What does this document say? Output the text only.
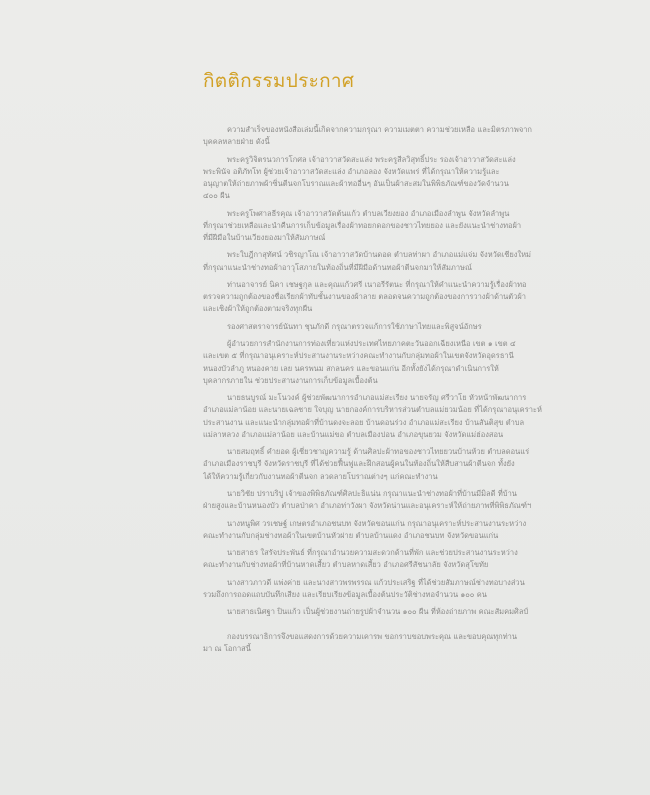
กิตติกรรมประกาศ
ความสำเร็จของหนังสือเล่มนี้เกิดจากความกรุณา ความเมตตา ความช่วยเหลือ และมิตรภาพจาก
บุคคลหลายฝ่าย ดังนี้
พระครูวิจิตรนวการโกศล เจ้าอาวาสวัดสะแล่ง พระครูสีลวิสุทธิ์ประ รองเจ้าอาวาสวัดสะแล่ง
พระพินัจ อติภัทโท ผู้ช่วยเจ้าอาวาสวัดสะแล่ง อำเภอลอง จังหวัดแพร่ ที่ได้กรุณาให้ความรู้และ
อนุญาตให้ถ่ายภาพผ้าซิ่นตีนจกโบราณและผ้าทออื่นๆ อันเป็นผ้าสะสมในพิพิธภัณฑ์ของวัดจำนวน
๔๐๐ ผืน
พระครูโพศาลธีรคุณ เจ้าอาวาสวัดต้นแก้ว ตำบลเวียงยอง อำเภอเมืองลำพูน จังหวัดลำพูน
ที่กรุณาช่วยเหลือและนำคืนการเก็บข้อมูลเรื่องผ้าทอยกดอกของชาวไทยยอง และยังแนะนำช่างทอผ้า
ที่มีฝีมือในบ้านเวียงยองมาให้สัมภาษณ์
พระใบฎีกาสุทัศน์ วชิรญาโณ เจ้าอาวาสวัดบ้านดอด ตำบลท่าผา อำเภอแม่แจ่ม จังหวัดเชียงใหม่
ที่กรุณาแนะนำช่างทอผ้าอาวุโสภายในท้องถิ่นที่มีฝีมือด้านทอผ้าตีนจกมาให้สัมภาษณ์
ท่านอาจารย์ นิคา เชษฐกุล และคุณแก้วศรี เนาอรีรัตนะ ที่กรุณาให้คำแนะนำความรู้เรื่องผ้าทอ
ตรวจความถูกต้องของชื่อเรียกผ้าทับชั้นงานของผ้าลาย ตลอดจนความถูกต้องของการวางผ้าด้านตัวผ้า
และเชิงผ้าให้ถูกต้องตามจริงทุกผืน
รองศาสตราจารย์นันทา ชุนภักดี กรุณาตรวจแก้การใช้ภาษาไทยและพิสูจน์อักษร
ผู้อำนวยการสำนักงานการท่องเที่ยวแห่งประเทศไทยภาคตะวันออกเฉียงเหนือ เขต ๑ เขต ๔
และเขต ๕ ที่กรุณาอนุเคราะห์ประสานงานระหว่างคณะทำงานกับกลุ่มทอผ้าในเขตจังหวัดอุดรธานี
หนองบัวลำภู หนองคาย เลย นครพนม สกลนคร และขอนแก่น อีกทั้งยังได้กรุณาดำเนินการให้
บุคลากรภายใน ช่วยประสานงานการเก็บข้อมูลเบื้องต้น
นายธนบูรณ์ มะโนวงค์ ผู้ช่วยพัฒนาการอำเภอแม่สะเรียง นายจรัญ ศรีวาโย หัวหน้าพัฒนาการ
อำเภอแม่ลาน้อย และนายเฉลชาย ใจบุญ นายกองค์การบริหารส่วนตำบลแม่ยวมน้อย ที่ได้กรุณาอนุเคราะห์
ประสานงาน และแนะนำกลุ่มทอผ้าที่บ้านดงจะลอย บ้านดอนร่วง อำเภอแม่สะเรียง บ้านสันติสุข ตำบล
แม่ลาหลวง อำเภอแม่ลาน้อย และบ้านแม่ขอ ตำบลเมืองปอน อำเภอขุนยวม จังหวัดแม่ฮ่องสอน
นายสมฤทธิ์ คำยอด ผู้เชี่ยวชาญความรู้ ด้านศิลปะผ้าทอของชาวไทยยวนบ้านห้วย ตำบลดอนแร่
อำเภอเมืองราชบุรี จังหวัดราชบุรี ที่ได้ช่วยฟื้นฟูและฝึกสอนผู้คนในท้องถิ่นให้สืบสานผ้าตีนจก ทั้งยัง
ได้ให้ความรู้เกี่ยวกับงานทอผ้าตีนจก ลวดลายโบราณต่างๆ แก่คณะทำงาน
นายวิชัย ปราบริปู เจ้าของพิพิธภัณฑ์ศิลปะธิแน่น กรุณาแนะนำช่างทอผ้าที่บ้านมีมิลดี ที่บ้าน
ฝ่ายสูงและบ้านหนองบัว ตำบลป่าคา อำเภอท่าวังผา จังหวัดน่านและอนุเคราะห์ให้ถ่ายภาพที่พิพิธภัณฑ์ฯ
นางหนูพิศ วรเชษฐ์ เกษตรอำเภอชนบท จังหวัดขอนแก่น กรุณาอนุเคราะห์ประสานงานระหว่าง
คณะทำงานกับกลุ่มช่างทอผ้าในเขตบ้านหัวฝาย ตำบลบ้านแดง อำเภอชนบท จังหวัดขอนแก่น
นายสาธร ใสรัจประพันธ์ ที่กรุณาอำนวยความสะดวกด้านที่พัก และช่วยประสานงานระหว่าง
คณะทำงานกับช่างทอผ้าที่บ้านหาดเสี้ยว ตำบลหาดเสี้ยว อำเภอศรีสัชนาลัย จังหวัดสุโขทัย
นางสาวภาวดี แพ่งค่าย และนางสาวพรพรรณ แก้วประเสริฐ ที่ได้ช่วยสัมภาษณ์ช่างทอบางส่วน
รวมถึงการถอดแถบบันทึกเสียง และเรียบเรียงข้อมูลเบื้องต้นประวัติช่างทอจำนวน ๑๐๐ คน
นายสาธเนิศฐา ปินแก้ว เป็นผู้ช่วยงานถ่ายรูปผ้าจำนวน ๑๐๐ ผืน ที่ห้องถ่ายภาพ คณะสัมคมศิลป์
กองบรรณาธิการจึงขอแสดงการด้วยความเคารพ ขอกราบขอบพระคุณ และขอบคุณทุกท่าน
มา ณ โอกาสนี้
